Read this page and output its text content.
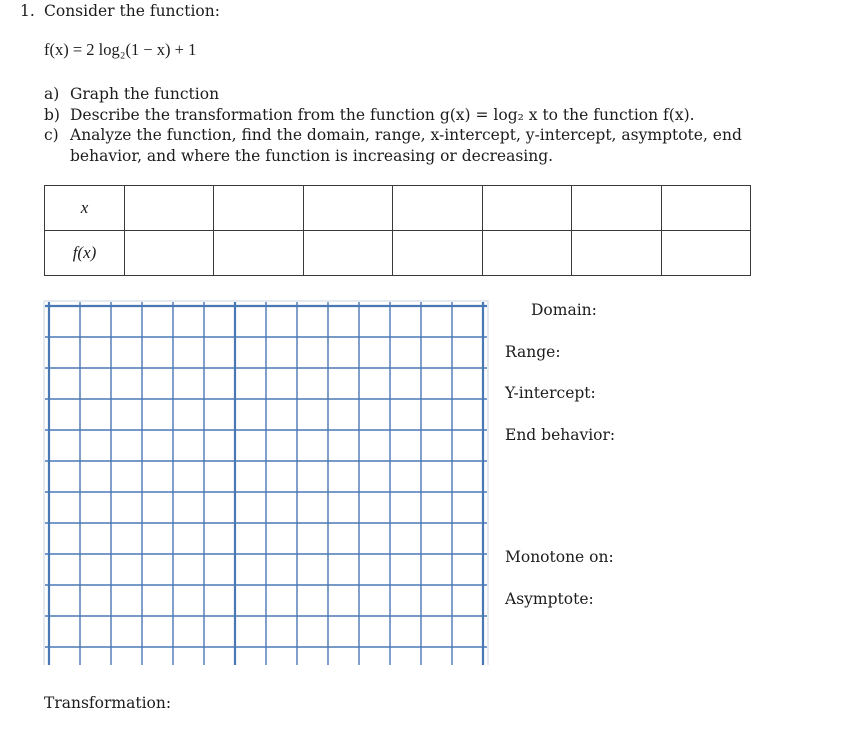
1. Consider the function:
f(x) = 2 log₂(1 − x) + 1
a) Graph the function
b) Describe the transformation from the function g(x) = log₂ x to the function f(x).
c) Analyze the function, find the domain, range, x-intercept, y-intercept, asymptote, end
behavior, and where the function is increasing or decreasing.
x							
f(x)							
Domain:
Range:
Y-intercept:
End behavior:
Monotone on:
Asymptote:
Transformation:
